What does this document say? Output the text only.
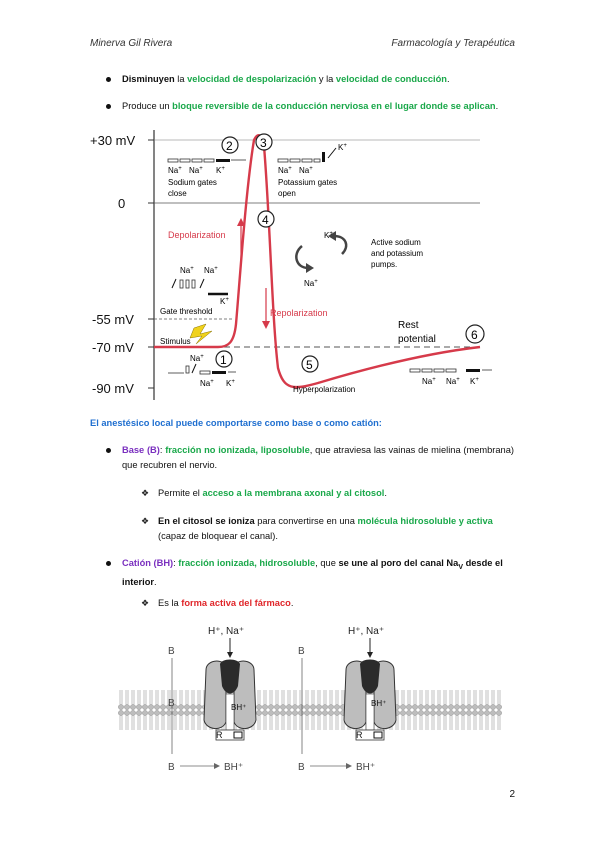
Minerva Gil Rivera	Farmacología y Terapéutica
Disminuyen la velocidad de despolarización y la velocidad de conducción.
Produce un bloque reversible de la conducción nerviosa en el lugar donde se aplican.
+30 mV
0
-55 mV
-70 mV
-90 mV
Depolarization
Repolarization
2 3
4
1	5
6
Na+ Na+ K+
Sodium gates
close
K+
Na+ Na+
Potassium gates
open
K+
Na+
Active sodium
and potassium
pumps.
Na+ Na+
K+
Gate threshold
Stimulus
Na+
Na+ K+
Hyperpolarization
Rest
potential
Na+ Na+ K+
El anestésico local puede comportarse como base o como catión:
Base (B): fracción no ionizada, liposoluble, que atraviesa las vainas de mielina (membrana) que recubren el nervio.
❖ Permite el acceso a la membrana axonal y al citosol.
❖ En el citosol se ioniza para convertirse en una molécula hidrosoluble y activa (capaz de bloquear el canal).
Catión (BH): fracción ionizada, hidrosoluble, que se une al poro del canal $Na_V$ desde el interior.
❖ Es la forma activa del fármaco.
H⁺, Na⁺
BH⁺
R
B
B
B	BH⁺
H⁺, Na⁺
BH⁺
R
B
B	BH⁺
2
